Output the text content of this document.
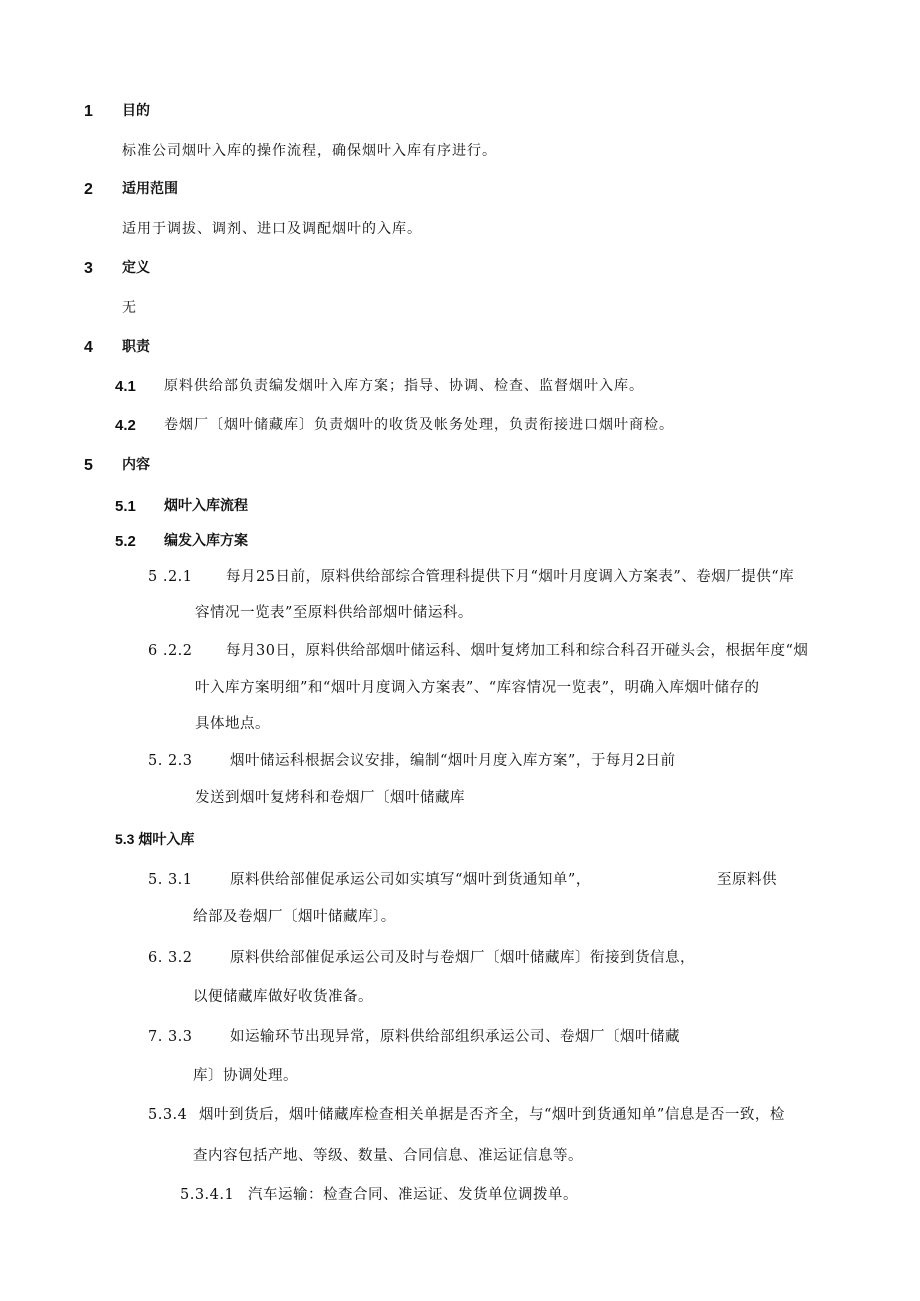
1 目的
标准公司烟叶入库的操作流程，确保烟叶入库有序进行。
2 适用范围
适用于调拔、调剂、进口及调配烟叶的入库。
3 定义
无
4 职责
4.1 原料供给部负责编发烟叶入库方案；指导、协调、检查、监督烟叶入库。
4.2 卷烟厂〔烟叶储藏库〕负责烟叶的收货及帐务处理，负责衔接进口烟叶商检。
5 内容
5.1 烟叶入库流程
5.2 编发入库方案
5 .2.1 每月25日前，原料供给部综合管理科提供下月“烟叶月度调入方案表”、卷烟厂提供“库
容情况一览表”至原料供给部烟叶储运科。
6 .2.2 每月30日，原料供给部烟叶储运科、烟叶复烤加工科和综合科召开碰头会，根据年度“烟
叶入库方案明细”和“烟叶月度调入方案表”、“库容情况一览表”，明确入库烟叶储存的
具体地点。
5. 2.3	烟叶储运科根据会议安排，编制“烟叶月度入库方案”，于每月2日前
发送到烟叶复烤科和卷烟厂〔烟叶储藏库
5.3 烟叶入库
5. 3.1	原料供给部催促承运公司如实填写“烟叶到货通知单”，	至原料供
给部及卷烟厂〔烟叶储藏库〕。
6. 3.2	原料供给部催促承运公司及时与卷烟厂〔烟叶储藏库〕衔接到货信息，
以便储藏库做好收货准备。
7. 3.3	如运输环节出现异常，原料供给部组织承运公司、卷烟厂〔烟叶储藏
库〕协调处理。
5.3.4 烟叶到货后，烟叶储藏库检查相关单据是否齐全，与“烟叶到货通知单”信息是否一致，检
查内容包括产地、等级、数量、合同信息、准运证信息等。
5.3.4.1 汽车运输：检查合同、准运证、发货单位调拨单。
